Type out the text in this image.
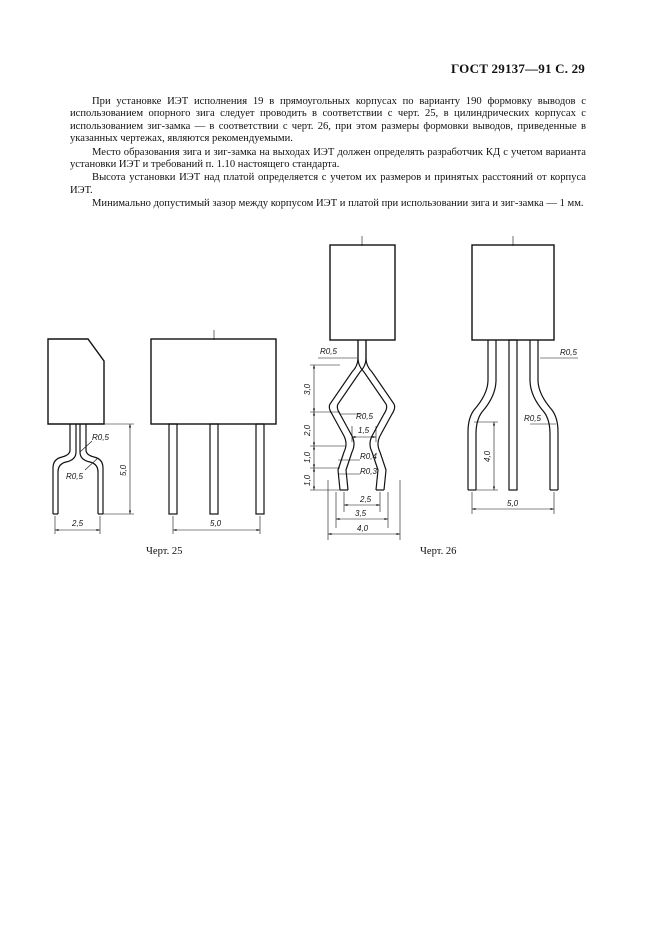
ГОСТ 29137—91 С. 29

При установке ИЭТ исполнения 19 в прямоугольных корпусах по варианту 190 формовку выводов с использованием опорного зига следует проводить в соответствии с черт. 25, в цилиндрических корпусах с использованием зиг-замка — в соответствии с черт. 26, при этом размеры формовки выводов, приведенные в указанных чертежах, являются рекомендуемыми.

Место образования зига и зиг-замка на выходах ИЭТ должен определять разработчик КД с учетом варианта установки ИЭТ и требований п. 1.10 настоящего стандарта.

Высота установки ИЭТ над платой определяется с учетом их размеров и принятых расстояний от корпуса ИЭТ.

Минимально допустимый зазор между корпусом ИЭТ и платой при использовании зига и зиг-замка — 1 мм.

R0,5
R0,5
5,0
2,5	5,0
R0,5
R0,5
R0,4
R0,3
3,0
2,0
1,0
1,0
1,5
2,5
3,5
4,0
R0,5
R0,5
4,0
5,0
Черт. 25	Черт. 26
